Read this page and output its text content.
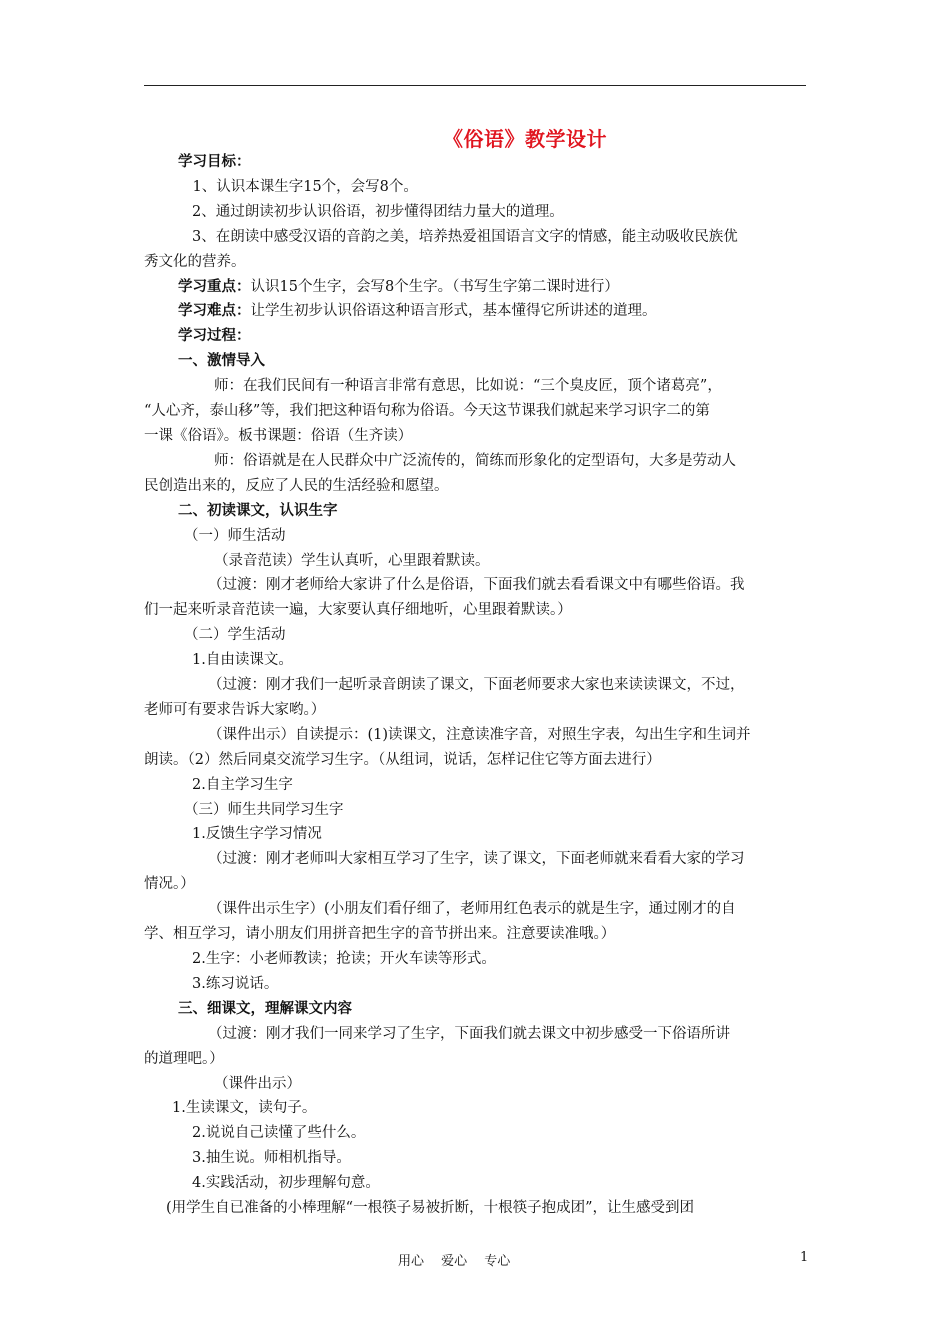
《俗语》教学设计
学习目标：
　1、认识本课生字15个，会写8个。
2、通过朗读初步认识俗语，初步懂得团结力量大的道理。
3、在朗读中感受汉语的音韵之美，培养热爱祖国语言文字的情感，能主动吸收民族优
秀文化的营养。
学习重点：认识15个生字，会写8个生字。（书写生字第二课时进行）
学习难点：让学生初步认识俗语这种语言形式，基本懂得它所讲述的道理。
学习过程：
一、激情导入
师：在我们民间有一种语言非常有意思，比如说：“三个臭皮匠，顶个诸葛亮”，
“人心齐，泰山移”等，我们把这种语句称为俗语。今天这节课我们就起来学习识字二的第
一课《俗语》。板书课题：俗语（生齐读）
师：俗语就是在人民群众中广泛流传的，简练而形象化的定型语句，大多是劳动人
民创造出来的，反应了人民的生活经验和愿望。
二、初读课文，认识生字
（一）师生活动
（录音范读）学生认真听，心里跟着默读。
（过渡：刚才老师给大家讲了什么是俗语，下面我们就去看看课文中有哪些俗语。我
们一起来听录音范读一遍，大家要认真仔细地听，心里跟着默读。）
（二）学生活动
1.自由读课文。
（过渡：刚才我们一起听录音朗读了课文，下面老师要求大家也来读读课文，不过，
老师可有要求告诉大家哟。）
（课件出示）自读提示：(1)读课文，注意读准字音，对照生字表，勾出生字和生词并
朗读。（2）然后同桌交流学习生字。（从组词，说话，怎样记住它等方面去进行）
2.自主学习生字
（三）师生共同学习生字
1.反馈生字学习情况
（过渡：刚才老师叫大家相互学习了生字，读了课文，下面老师就来看看大家的学习
情况。）
（课件出示生字）(小朋友们看仔细了，老师用红色表示的就是生字，通过刚才的自
学、相互学习，请小朋友们用拼音把生字的音节拼出来。注意要读准哦。）
2.生字：小老师教读；抢读；开火车读等形式。
3.练习说话。
三、细课文，理解课文内容
（过渡：刚才我们一同来学习了生字，下面我们就去课文中初步感受一下俗语所讲
的道理吧。）
（课件出示）
1.生读课文，读句子。
2.说说自己读懂了些什么。
3.抽生说。师相机指导。
4.实践活动，初步理解句意。
(用学生自已准备的小棒理解“一根筷子易被折断，十根筷子抱成团”，让生感受到团
用心　 爱心　 专心	1
